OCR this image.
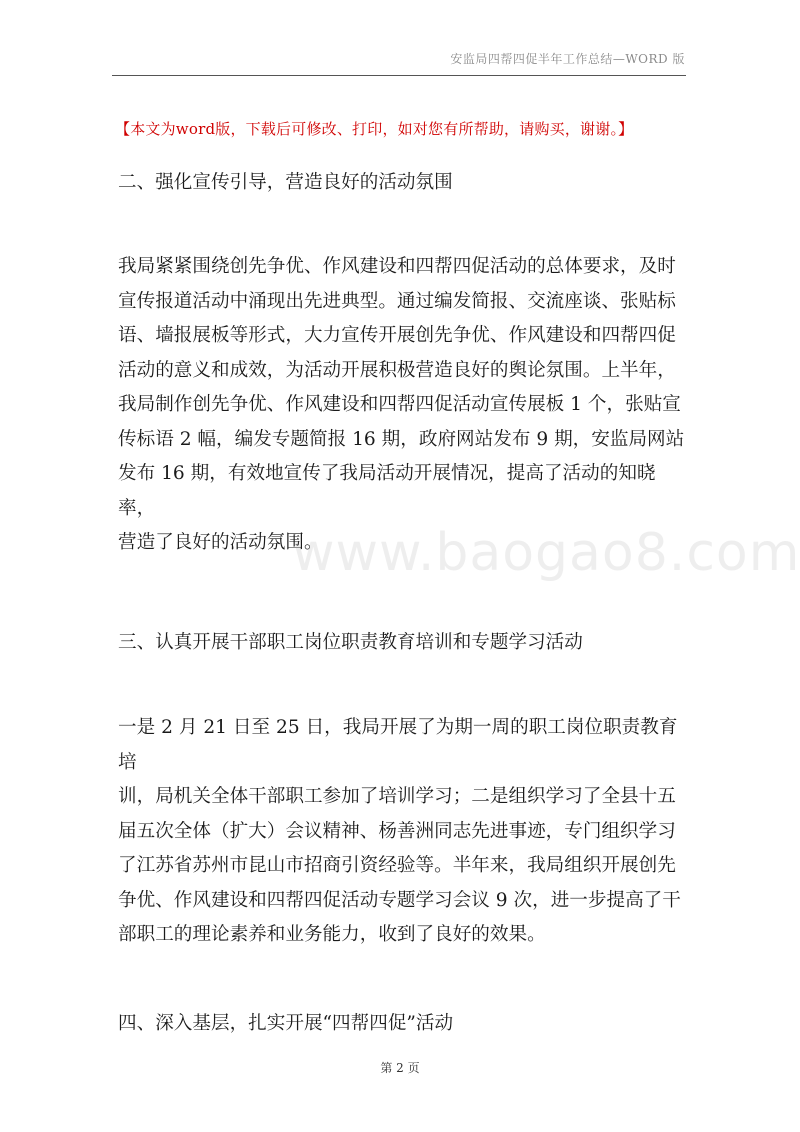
安监局四帮四促半年工作总结—WORD 版
【本文为word版，下载后可修改、打印，如对您有所帮助，请购买，谢谢。】
二、强化宣传引导，营造良好的活动氛围

我局紧紧围绕创先争优、作风建设和四帮四促活动的总体要求，及时

宣传报道活动中涌现出先进典型。通过编发简报、交流座谈、张贴标

语、墙报展板等形式，大力宣传开展创先争优、作风建设和四帮四促

活动的意义和成效，为活动开展积极营造良好的舆论氛围。上半年，

我局制作创先争优、作风建设和四帮四促活动宣传展板 1 个，张贴宣

传标语 2 幅，编发专题简报 16 期，政府网站发布 9 期，安监局网站

发布 16 期，有效地宣传了我局活动开展情况，提高了活动的知晓率，

营造了良好的活动氛围。

三、认真开展干部职工岗位职责教育培训和专题学习活动

一是 2 月 21 日至 25 日，我局开展了为期一周的职工岗位职责教育培

训，局机关全体干部职工参加了培训学习；二是组织学习了全县十五

届五次全体（扩大）会议精神、杨善洲同志先进事迹，专门组织学习

了江苏省苏州市昆山市招商引资经验等。半年来，我局组织开展创先

争优、作风建设和四帮四促活动专题学习会议 9 次，进一步提高了干

部职工的理论素养和业务能力，收到了良好的效果。

四、深入基层，扎实开展“四帮四促”活动
www.baogao8.com
第 2 页
